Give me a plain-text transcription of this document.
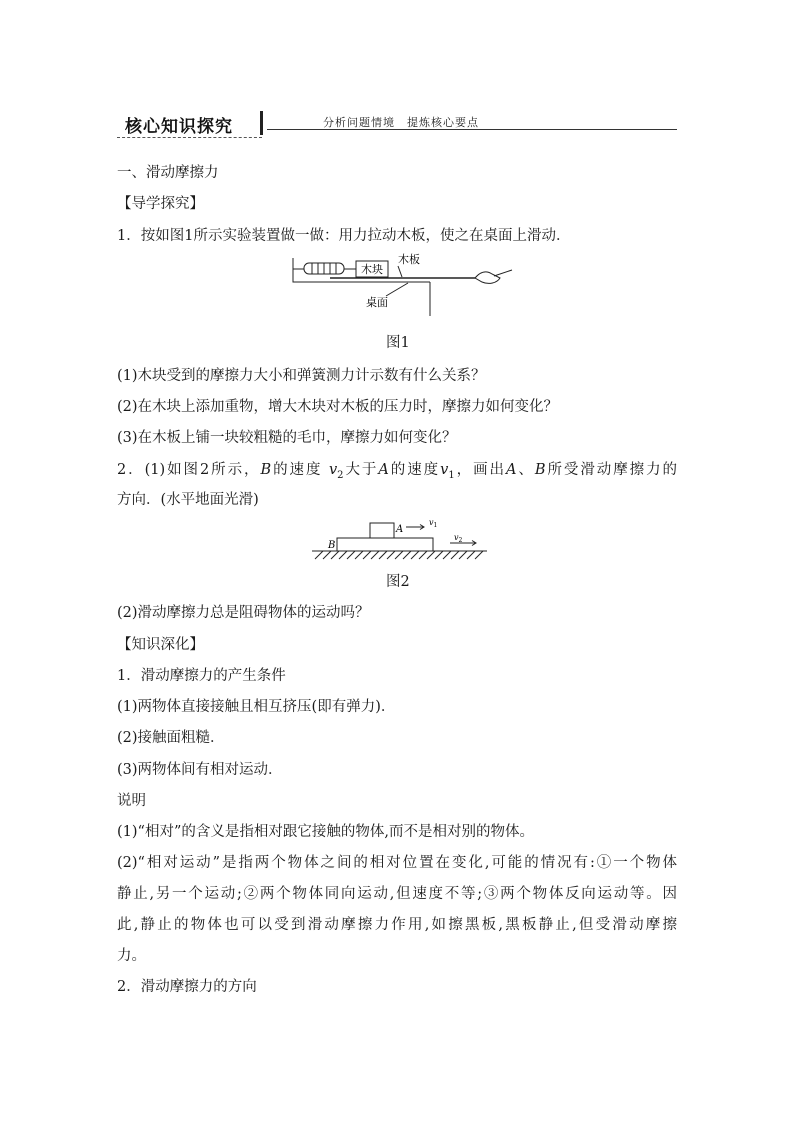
核心知识探究	分析问题情境　提炼核心要点
一、滑动摩擦力
【导学探究】
1．按如图1所示实验装置做一做：用力拉动木板，使之在桌面上滑动．
木块
木板
桌面
图1
(1)木块受到的摩擦力大小和弹簧测力计示数有什么关系？
(2)在木块上添加重物，增大木块对木板的压力时，摩擦力如何变化？
(3)在木板上铺一块较粗糙的毛巾，摩擦力如何变化？
2．(1)如图2所示，B的速度 $v_2$大于A的速度$v_1$，画出A、B所受滑动摩擦力的
方向．(水平地面光滑)
A
B
$v_1$
$v_2$
图2
(2)滑动摩擦力总是阻碍物体的运动吗？
【知识深化】
1．滑动摩擦力的产生条件
(1)两物体直接接触且相互挤压(即有弹力)．
(2)接触面粗糙．
(3)两物体间有相对运动．
说明
(1)“相对”的含义是指相对跟它接触的物体,而不是相对别的物体。
(2)“相对运动”是指两个物体之间的相对位置在变化,可能的情况有:①一个物体
静止,另一个运动;②两个物体同向运动,但速度不等;③两个物体反向运动等。因
此,静止的物体也可以受到滑动摩擦力作用,如擦黑板,黑板静止,但受滑动摩擦
力。
2．滑动摩擦力的方向
